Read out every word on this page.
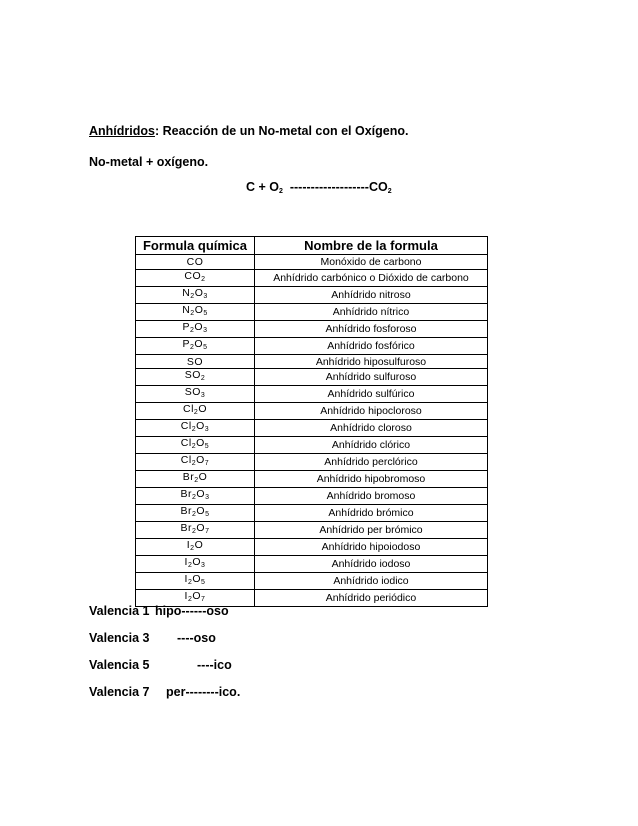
Anhídridos: Reacción de un No-metal con el Oxígeno.
No-metal + oxígeno.
$C + O_2$  $-------------------CO_2$
Formula química	Nombre de la formula
CO	Monóxido de carbono
$CO_2$	Anhídrido carbónico o Dióxido de carbono
$N_2O_3$	Anhídrido nitroso
$N_2O_5$	Anhídrido nítrico
$P_2O_3$	Anhídrido fosforoso
$P_2O_5$	Anhídrido fosfórico
SO	Anhídrido hiposulfuroso
$SO_2$	Anhídrido sulfuroso
$SO_3$	Anhídrido sulfúrico
$Cl_2O$	Anhídrido hipocloroso
$Cl_2O_3$	Anhídrido cloroso
$Cl_2O_5$	Anhídrido clórico
$Cl_2O_7$	Anhídrido perclórico
$Br_2O$	Anhídrido hipobromoso
$Br_2O_3$	Anhídrido bromoso
$Br_2O_5$	Anhídrido brómico
$Br_2O_7$	Anhídrido per brómico
$I_2O$	Anhídrido hipoiodoso
$I_2O_3$	Anhídrido iodoso
$I_2O_5$	Anhídrido iodico
$I_2O_7$	Anhídrido periódico
Valencia 1 hipo------oso
Valencia 3 ----oso
Valencia 5	----ico
Valencia 7 per--------ico.
